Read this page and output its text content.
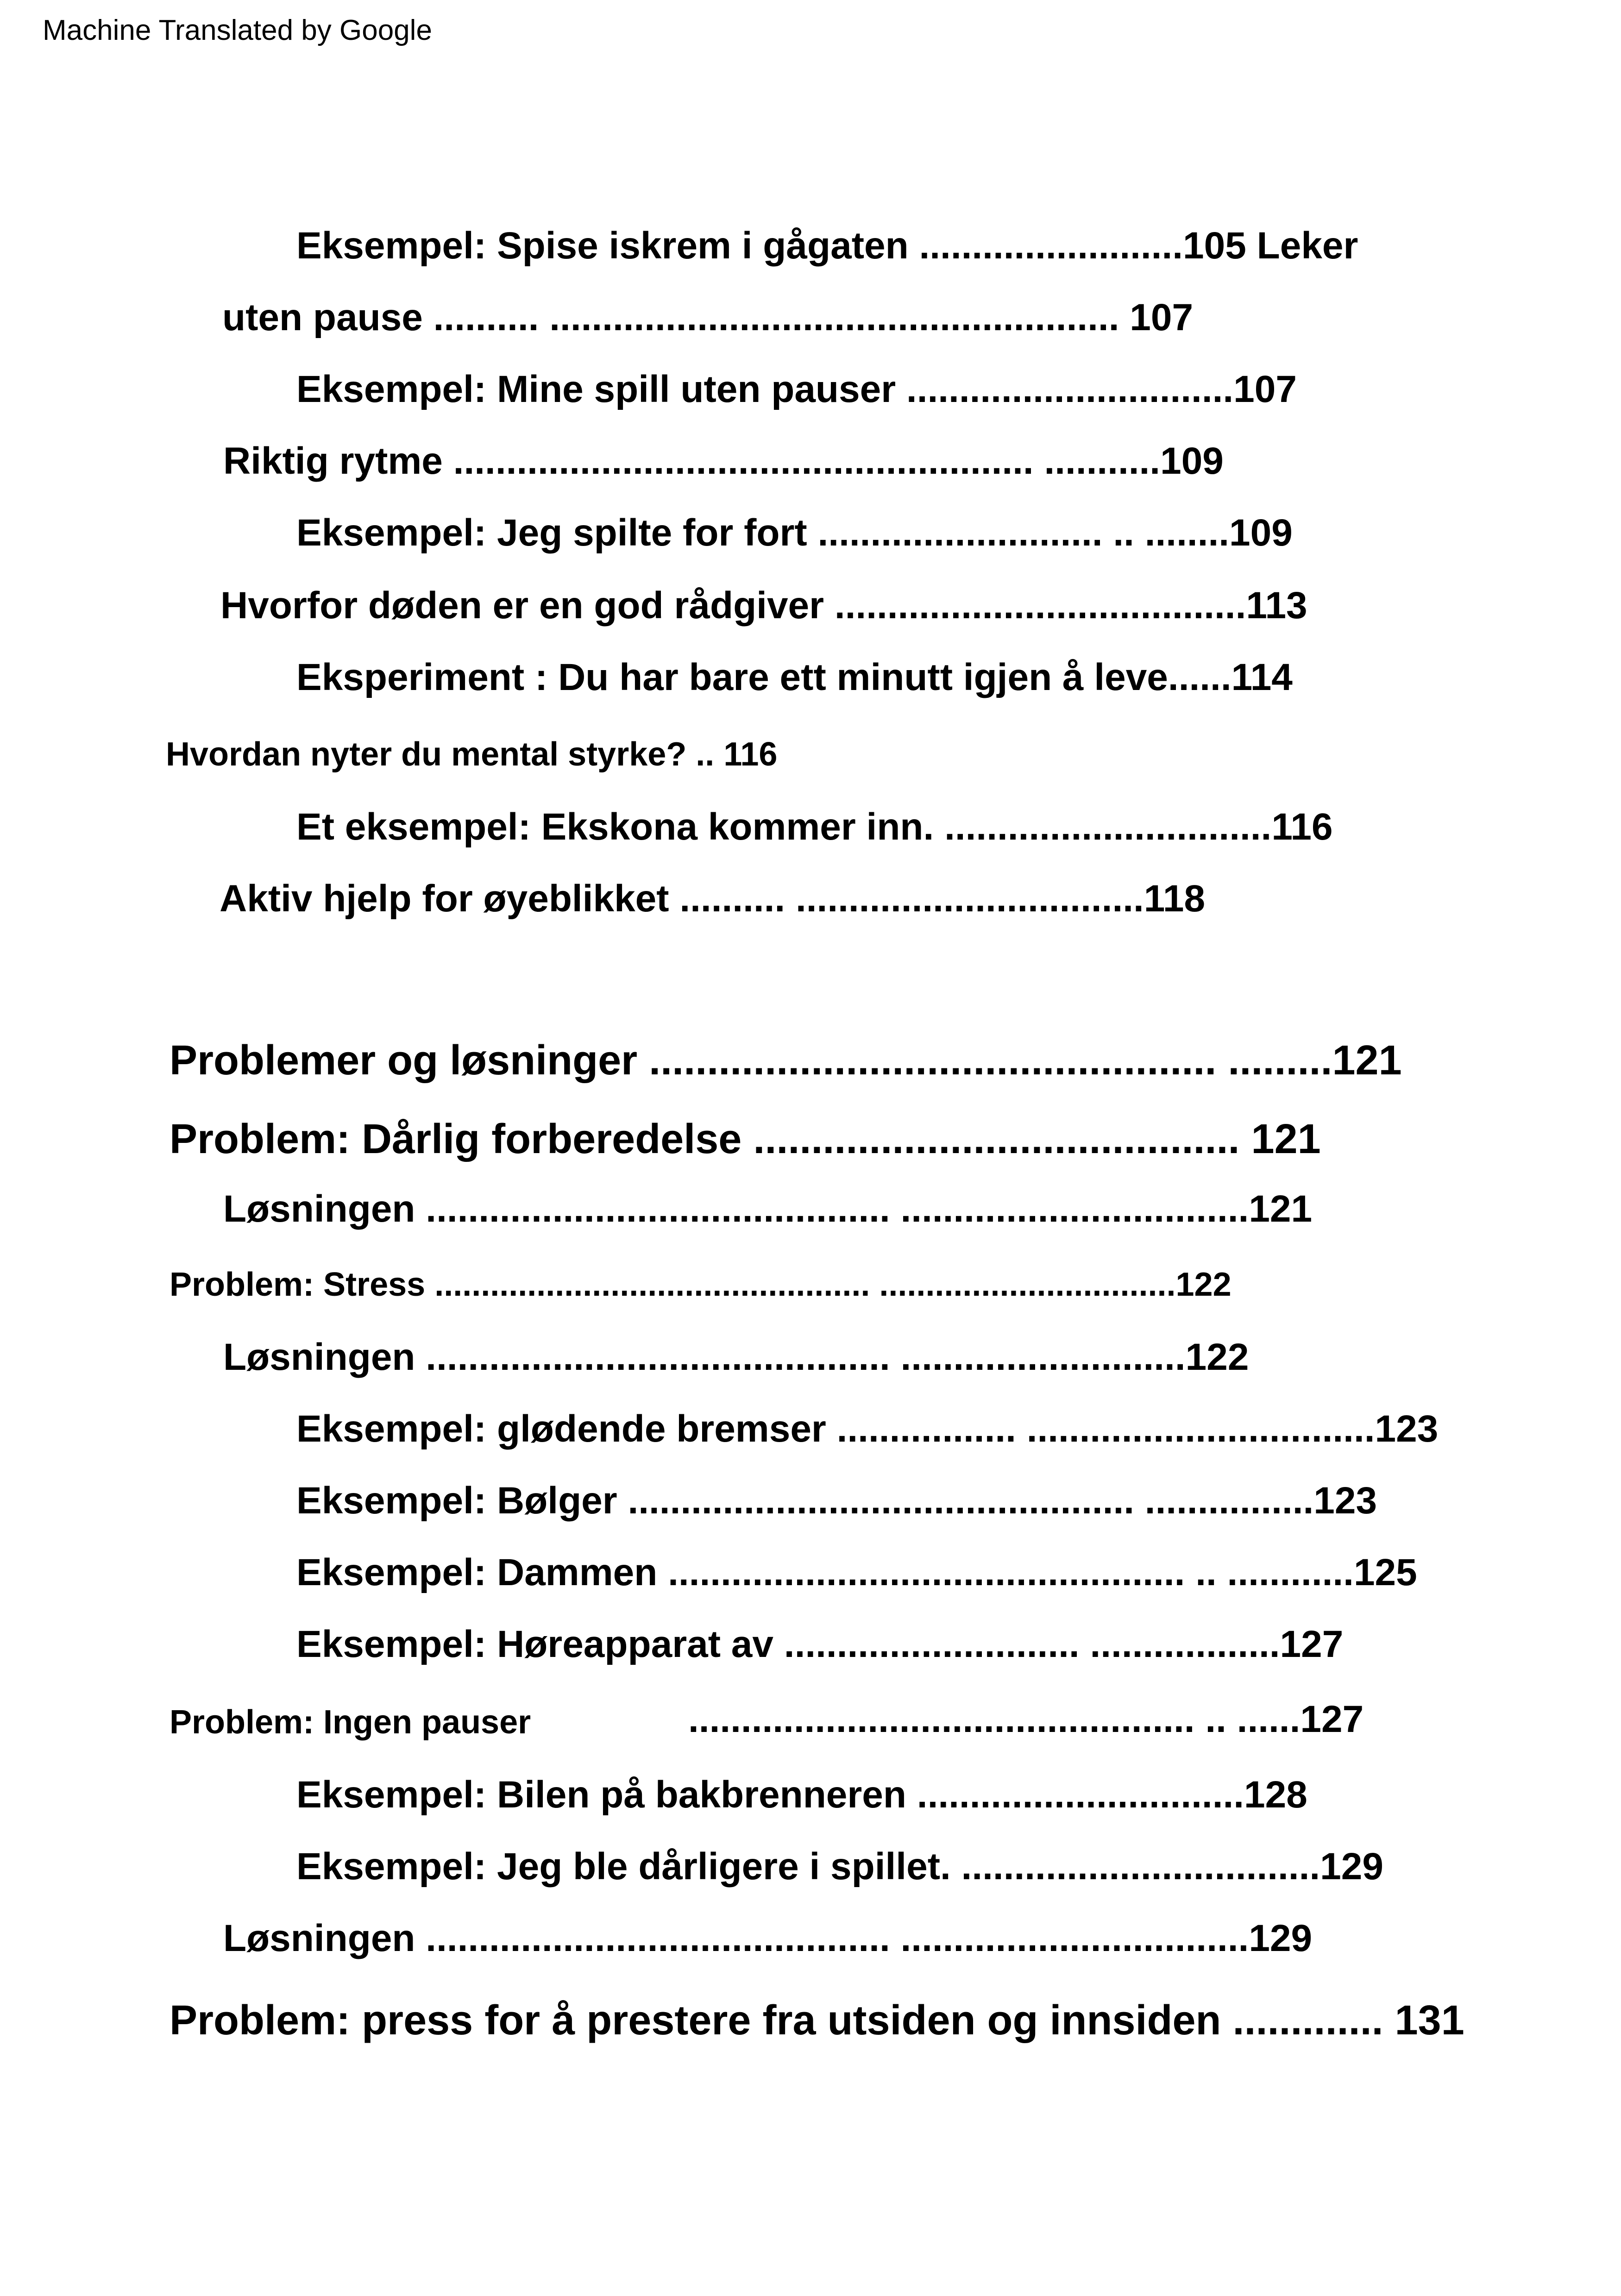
Machine Translated by Google
Eksempel: Spise iskrem i gågaten .........................105 Leker
uten pause .......... ...................................................... 107
Eksempel: Mine spill uten pauser ...............................107
Riktig rytme ....................................................... ...........109
Eksempel: Jeg spilte for fort ........................... .. ........109
Hvorfor døden er en god rådgiver .......................................113
Eksperiment : Du har bare ett minutt igjen å leve......114
Hvordan nyter du mental styrke? .. 116
Et eksempel: Ekskona kommer inn. ...............................116
Aktiv hjelp for øyeblikket .......... .................................118
Problemer og løsninger ................................................. .........121
Problem: Dårlig forberedelse .......................................... 121
Løsningen ............................................ .................................121
Problem: Stress ............................................... ................................122
Løsningen ............................................ ...........................122
Eksempel: glødende bremser ................. .................................123
Eksempel: Bølger ................................................ ................123
Eksempel: Dammen ................................................. .. ............125
Eksempel: Høreapparat av ............................ ..................127
Problem: Ingen pauser	................................................ .. ......127
Eksempel: Bilen på bakbrenneren ...............................128
Eksempel: Jeg ble dårligere i spillet. ..................................129
Løsningen ............................................ .................................129
Problem: press for å prestere fra utsiden og innsiden ............. 131
